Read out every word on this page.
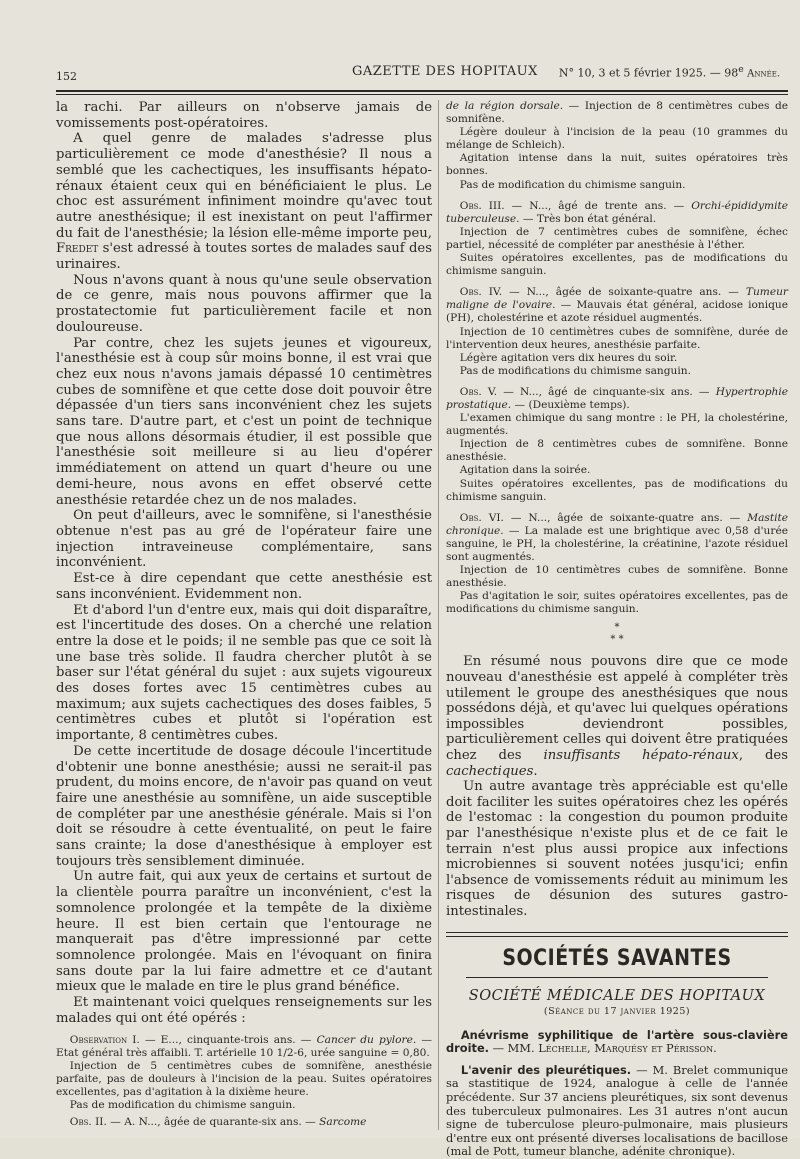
152	GAZETTE DES HOPITAUX N° 10, 3 et 5 février 1925. — 98e Année.

la rachi. Par ailleurs on n'observe jamais de vomissements post-opératoires.

A quel genre de malades s'adresse plus particulièrement ce mode d'anesthésie? Il nous a semblé que les cachectiques, les insuffisants hépato-rénaux étaient ceux qui en bénéficiaient le plus. Le choc est assurément infiniment moindre qu'avec tout autre anesthésique; il est inexistant on peut l'affirmer du fait de l'anesthésie; la lésion elle-même importe peu, Fredet s'est adressé à toutes sortes de malades sauf des urinaires.

Nous n'avons quant à nous qu'une seule observation de ce genre, mais nous pouvons affirmer que la prostatectomie fut particulièrement facile et non douloureuse.

Par contre, chez les sujets jeunes et vigoureux, l'anesthésie est à coup sûr moins bonne, il est vrai que chez eux nous n'avons jamais dépassé 10 centimètres cubes de somnifène et que cette dose doit pouvoir être dépassée d'un tiers sans inconvénient chez les sujets sans tare. D'autre part, et c'est un point de technique que nous allons désormais étudier, il est possible que l'anesthésie soit meilleure si au lieu d'opérer immédiatement on attend un quart d'heure ou une demi-heure, nous avons en effet observé cette anesthésie retardée chez un de nos malades.

On peut d'ailleurs, avec le somnifène, si l'anesthésie obtenue n'est pas au gré de l'opérateur faire une injection intraveineuse complémentaire, sans inconvénient.

Est-ce à dire cependant que cette anesthésie est sans inconvénient. Evidemment non.

Et d'abord l'un d'entre eux, mais qui doit disparaître, est l'incertitude des doses. On a cherché une relation entre la dose et le poids; il ne semble pas que ce soit là une base très solide. Il faudra chercher plutôt à se baser sur l'état général du sujet : aux sujets vigoureux des doses fortes avec 15 centimètres cubes au maximum; aux sujets cachectiques des doses faibles, 5 centimètres cubes et plutôt si l'opération est importante, 8 centimètres cubes.

De cette incertitude de dosage découle l'incertitude d'obtenir une bonne anesthésie; aussi ne serait-il pas prudent, du moins encore, de n'avoir pas quand on veut faire une anesthésie au somnifène, un aide susceptible de compléter par une anesthésie générale. Mais si l'on doit se résoudre à cette éventualité, on peut le faire sans crainte; la dose d'anesthésique à employer est toujours très sensiblement diminuée.

Un autre fait, qui aux yeux de certains et surtout de la clientèle pourra paraître un inconvénient, c'est la somnolence prolongée et la tempête de la dixième heure. Il est bien certain que l'entourage ne manquerait pas d'être impressionné par cette somnolence prolongée. Mais en l'évoquant on finira sans doute par la lui faire admettre et ce d'autant mieux que le malade en tire le plus grand bénéfice.

Et maintenant voici quelques renseignements sur les malades qui ont été opérés :

Observation I. — E..., cinquante-trois ans. — Cancer du pylore. — Etat général très affaibli. T. artérielle 10 1/2-6, urée sanguine = 0,80.

Injection de 5 centimètres cubes de somnifène, anesthésie parfaite, pas de douleurs à l'incision de la peau. Suites opératoires excellentes, pas d'agitation à la dixième heure.

Pas de modification du chimisme sanguin.

Obs. II. — A. N..., âgée de quarante-six ans. — Sarcome

de la région dorsale. — Injection de 8 centimètres cubes de somnifène.

Légère douleur à l'incision de la peau (10 grammes du mélange de Schleich).

Agitation intense dans la nuit, suites opératoires très bonnes.

Pas de modification du chimisme sanguin.

Obs. III. — N..., âgé de trente ans. — Orchi-épididymite tuberculeuse. — Très bon état général.

Injection de 7 centimètres cubes de somnifène, échec partiel, nécessité de compléter par anesthésie à l'éther.

Suites opératoires excellentes, pas de modifications du chimisme sanguin.

Obs. IV. — N..., âgée de soixante-quatre ans. — Tumeur maligne de l'ovaire. — Mauvais état général, acidose ionique (PH), cholestérine et azote résiduel augmentés.

Injection de 10 centimètres cubes de somnifène, durée de l'intervention deux heures, anesthésie parfaite.

Légère agitation vers dix heures du soir.

Pas de modifications du chimisme sanguin.

Obs. V. — N..., âgé de cinquante-six ans. — Hypertrophie prostatique. — (Deuxième temps).

L'examen chimique du sang montre : le PH, la cholestérine, augmentés.

Injection de 8 centimètres cubes de somnifène. Bonne anesthésie.

Agitation dans la soirée.

Suites opératoires excellentes, pas de modifications du chimisme sanguin.

Obs. VI. — N..., âgée de soixante-quatre ans. — Mastite chronique. — La malade est une brightique avec 0,58 d'urée sanguine, le PH, la cholestérine, la créatinine, l'azote résiduel sont augmentés.

Injection de 10 centimètres cubes de somnifène. Bonne anesthésie.

Pas d'agitation le soir, suites opératoires excellentes, pas de modifications du chimisme sanguin.

*
* *

En résumé nous pouvons dire que ce mode nouveau d'anesthésie est appelé à compléter très utilement le groupe des anesthésiques que nous possédons déjà, et qu'avec lui quelques opérations impossibles deviendront possibles, particulièrement celles qui doivent être pratiquées chez des insuffisants hépato-rénaux, des cachectiques.

Un autre avantage très appréciable est qu'elle doit faciliter les suites opératoires chez les opérés de l'estomac : la congestion du poumon produite par l'anesthésique n'existe plus et de ce fait le terrain n'est plus aussi propice aux infections microbiennes si souvent notées jusqu'ici; enfin l'absence de vomissements réduit au minimum les risques de désunion des sutures gastro-intestinales.

SOCIÉTÉS SAVANTES
SOCIÉTÉ MÉDICALE DES HOPITAUX
(Séance du 17 janvier 1925)

Anévrisme syphilitique de l'artère sous-clavière droite. — MM. Léchelle, Marquésy et Périsson.

L'avenir des pleurétiques. — M. Brelet communique sa stastitique de 1924, analogue à celle de l'année précédente. Sur 37 anciens pleurétiques, six sont devenus des tuberculeux pulmonaires. Les 31 autres n'ont aucun signe de tuberculose pleuro-pulmonaire, mais plusieurs d'entre eux ont présenté diverses localisations de bacillose (mal de Pott, tumeur blanche, adénite chronique).
